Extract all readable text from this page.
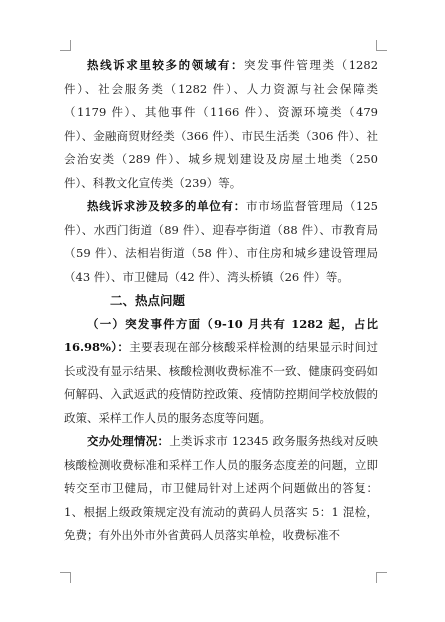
热线诉求里较多的领域有：突发事件管理类（1282 件）、社会服务类（1282 件）、人力资源与社会保障类（1179 件）、其他事件（1166 件）、资源环境类（479 件）、金融商贸财经类（366 件）、市民生活类（306 件）、社会治安类（289 件）、城乡规划建设及房屋土地类（250 件）、科教文化宣传类（239）等。

热线诉求涉及较多的单位有：市市场监督管理局（125 件）、水西门街道（89 件）、迎春亭街道（88 件）、市教育局（59 件）、法相岩街道（58 件）、市住房和城乡建设管理局（43 件）、市卫健局（42 件）、湾头桥镇（26 件）等。

二、热点问题

（一）突发事件方面（9-10 月共有 1282 起，占比 16.98%）：主要表现在部分核酸采样检测的结果显示时间过长或没有显示结果、核酸检测收费标准不一致、健康码变码如何解码、入武返武的疫情防控政策、疫情防控期间学校放假的政策、采样工作人员的服务态度等问题。

交办处理情况：上类诉求市 12345 政务服务热线对反映核酸检测收费标准和采样工作人员的服务态度差的问题，立即转交至市卫健局，市卫健局针对上述两个问题做出的答复：1、根据上级政策规定没有流动的黄码人员落实 5：1 混检，免费；有外出外市外省黄码人员落实单检，收费标准不
